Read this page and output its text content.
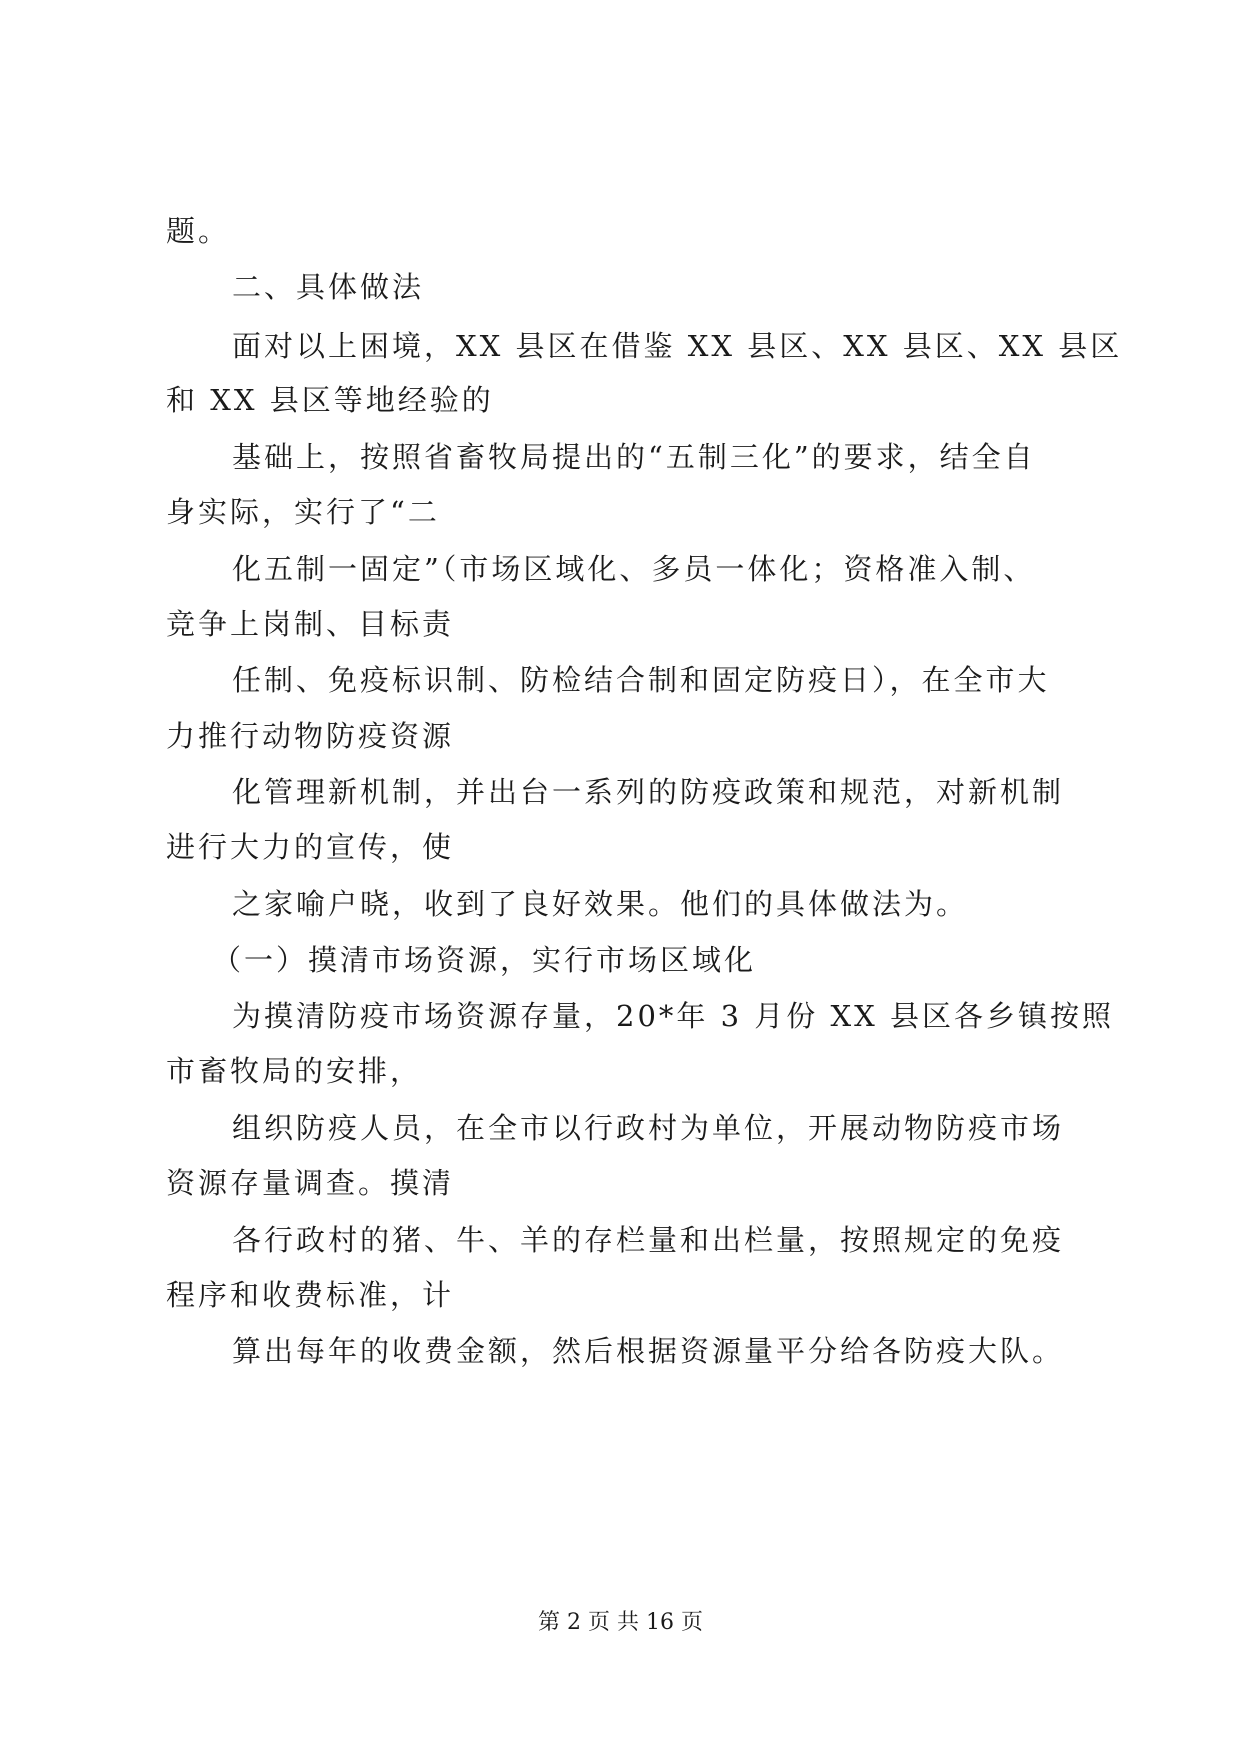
题。
二、具体做法
面对以上困境，XX 县区在借鉴 XX 县区、XX 县区、XX 县区
和 XX 县区等地经验的
基础上，按照省畜牧局提出的“五制三化”的要求，结全自
身实际，实行了“二
化五制一固定”（市场区域化、多员一体化；资格准入制、
竞争上岗制、目标责
任制、免疫标识制、防检结合制和固定防疫日），在全市大
力推行动物防疫资源
化管理新机制，并出台一系列的防疫政策和规范，对新机制
进行大力的宣传，使
之家喻户晓，收到了良好效果。他们的具体做法为。
（一）摸清市场资源，实行市场区域化
为摸清防疫市场资源存量，20*年 3 月份 XX 县区各乡镇按照
市畜牧局的安排，
组织防疫人员，在全市以行政村为单位，开展动物防疫市场
资源存量调查。摸清
各行政村的猪、牛、羊的存栏量和出栏量，按照规定的免疫
程序和收费标准，计
算出每年的收费金额，然后根据资源量平分给各防疫大队。
第 2 页 共 16 页
